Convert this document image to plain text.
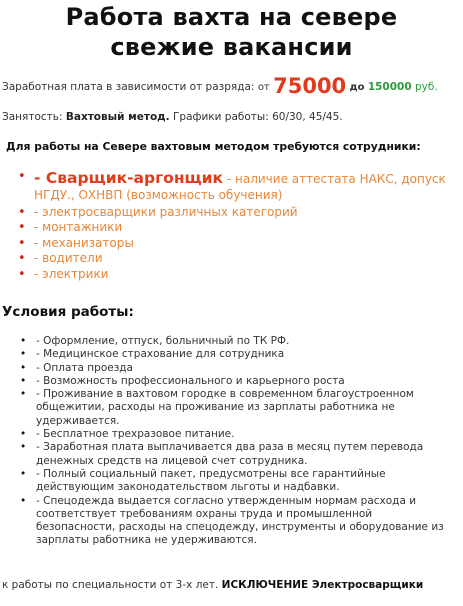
Работа вахта на севере
свежие вакансии
Заработная плата в зависимости от разряда: от 75000 до 150000 руб.
Занятость: Вахтовый метод. Графики работы: 60/30, 45/45.
Для работы на Севере вахтовым методом требуются сотрудники:
• - Сварщик-аргонщик - наличие аттестата НАКС, допуск НГДУ., ОХНВП (возможность обучения)
• - электросварщики различных категорий
• - монтажники
• - механизаторы
• - водители
• - электрики
Условия работы:
• - Оформление, отпуск, больничный по ТК РФ.
• - Медицинское страхование для сотрудника
• - Оплата проезда
• - Возможность профессионального и карьерного роста
• - Проживание в вахтовом городке в современном благоустроенном общежитии, расходы на проживание из зарплаты работника не удерживается.
• - Бесплатное трехразовое питание.
• - Заработная плата выплачивается два раза в месяц путем перевода денежных средств на лицевой счет сотрудника.
• - Полный социальный пакет, предусмотрены все гарантийные действующим законодательством льготы и надбавки.
• - Спецодежда выдается согласно утвержденным нормам расхода и соответствует требованиям охраны труда и промышленной безопасности, расходы на спецодежду, инструменты и оборудование из зарплаты работника не удерживаются.
к работы по специальности от 3-х лет. ИСКЛЮЧЕНИЕ Электросварщики
